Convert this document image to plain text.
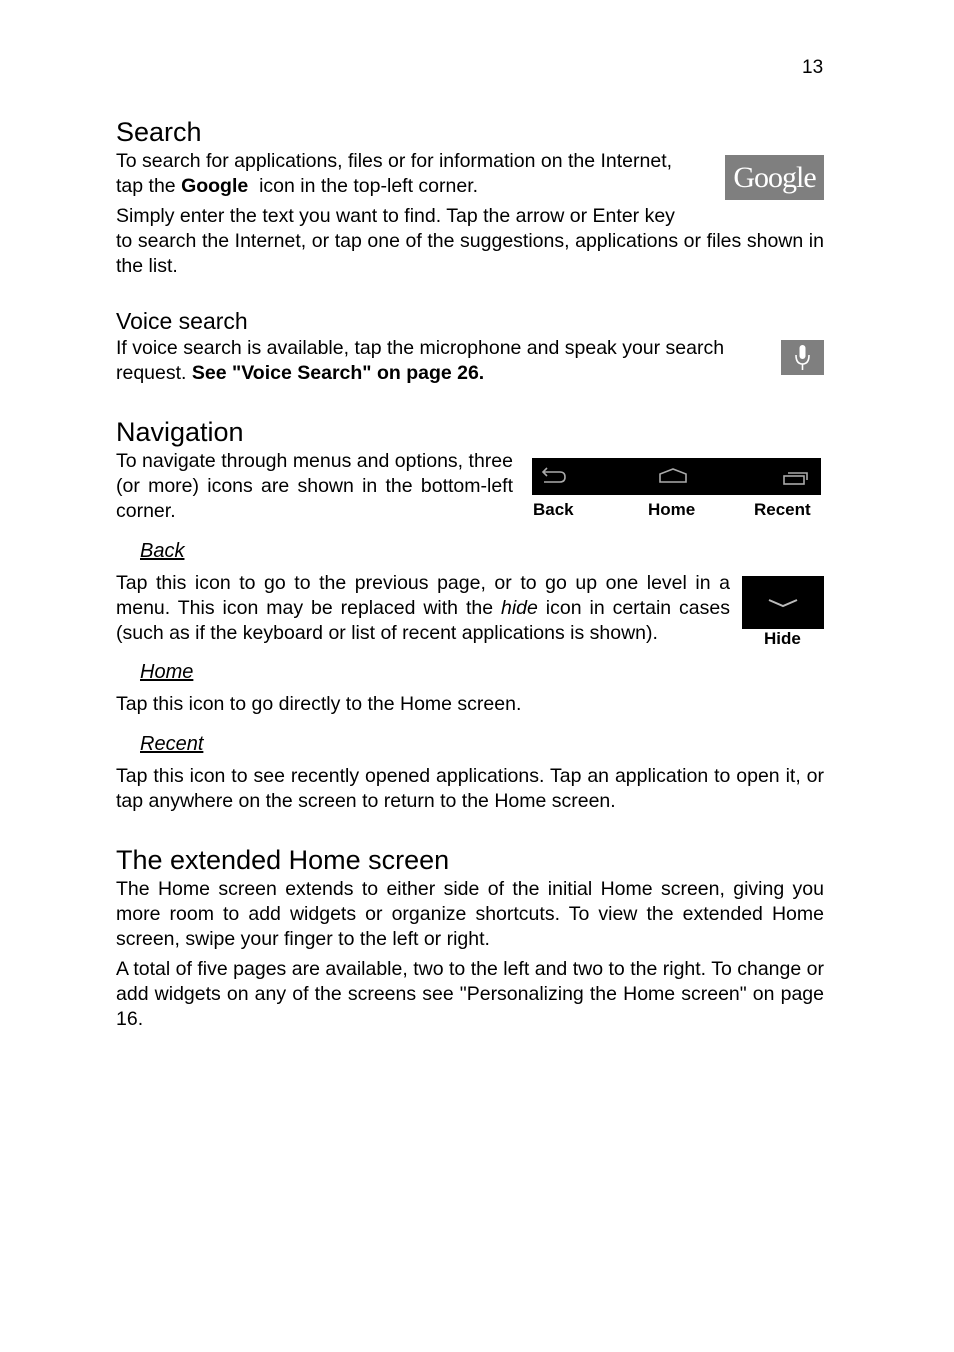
13
Search
To search for applications, files or for information on the Internet,
tap the Google  icon in the top-left corner.	Google
Simply enter the text you want to find. Tap the arrow or Enter key
to search the Internet, or tap one of the suggestions, applications or files shown in the list.
Voice search
If voice search is available, tap the microphone and speak your search
request. See "Voice Search" on page 26.
Navigation
To navigate through menus and options, three (or more) icons are shown in the bottom-left corner.	Back	Home	Recent
Back
Tap this icon to go to the previous page, or to go up one level in a menu. This icon may be replaced with the hide icon in certain cases (such as if the keyboard or list of recent applications is shown).	Hide
Home
Tap this icon to go directly to the Home screen.
Recent
Tap this icon to see recently opened applications. Tap an application to open it, or tap anywhere on the screen to return to the Home screen.
The extended Home screen
The Home screen extends to either side of the initial Home screen, giving you more room to add widgets or organize shortcuts. To view the extended Home screen, swipe your finger to the left or right.
A total of five pages are available, two to the left and two to the right. To change or add widgets on any of the screens see "Personalizing the Home screen" on page 16.
